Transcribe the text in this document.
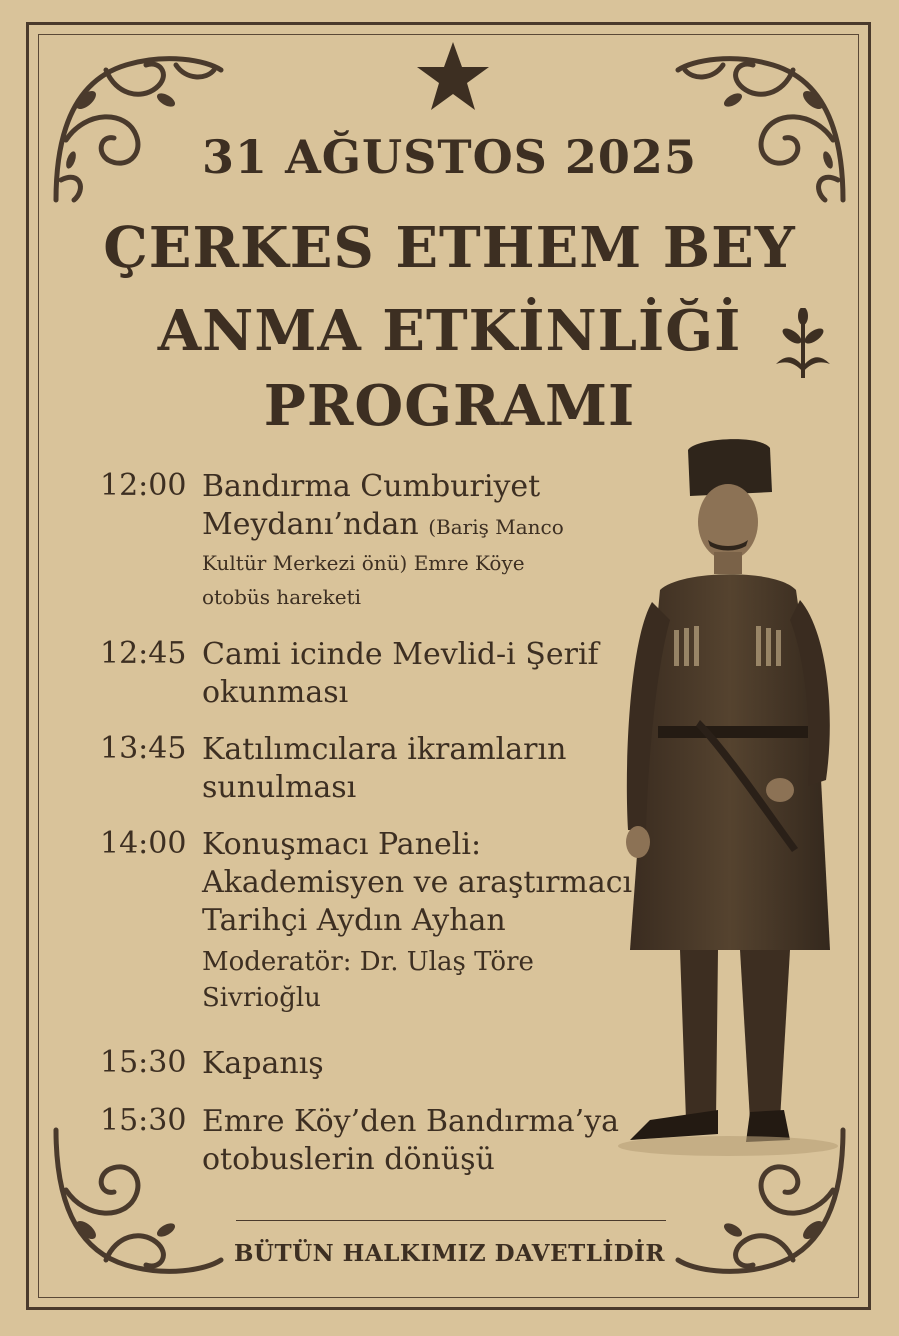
31 AĞUSTOS 2025
ÇERKES ETHEM BEY
ANMA ETKİNLİĞİ
PROGRAMI
12:00 Bandırma Cumburiyet
Meydanı’ndan (Bariş Manco
Kultür Merkezi önü) Emre Köye
otobüs hareketi
12:45 Cami icinde Mevlid-i Şerif
okunması
13:45 Katılımcılara ikramların
sunulması
14:00 Konuşmacı Paneli:
Akademisyen ve araştırmacı
Tarihçi Aydın Ayhan
Moderatör: Dr. Ulaş Töre
Sivrioğlu
15:30 Kapanış
15:30 Emre Köy’den Bandırma’ya
otobuslerin dönüşü
BÜTÜN HALKIMIZ DAVETLİDİR
